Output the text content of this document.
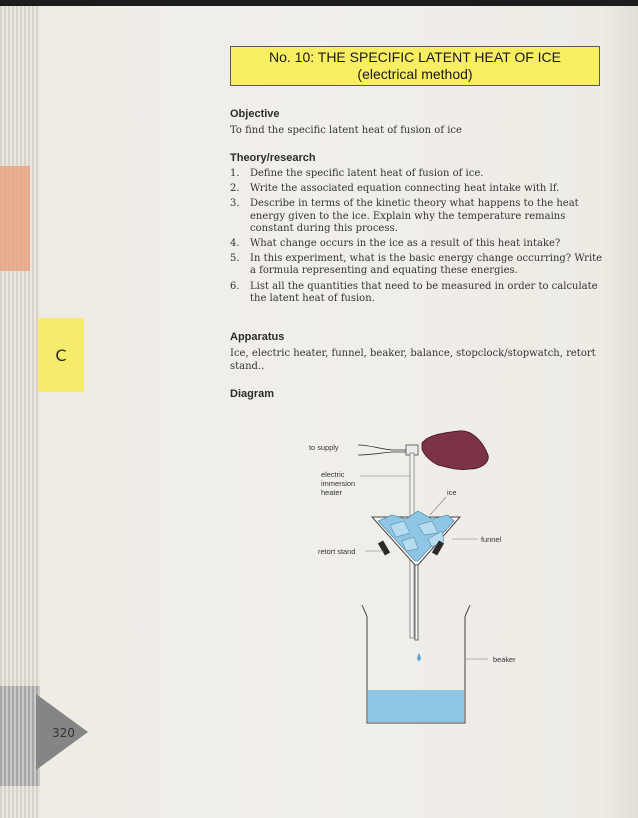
C
320
No. 10: THE SPECIFIC LATENT HEAT OF ICE
(electrical method)
Objective
To find the specific latent heat of fusion of ice
Theory/research
1.	Define the specific latent heat of fusion of ice.
2.	Write the associated equation connecting heat intake with lf.
3.	Describe in terms of the kinetic theory what happens to the heat energy given to the ice. Explain why the temperature remains constant during this process.
4.	What change occurs in the ice as a result of this heat intake?
5.	In this experiment, what is the basic energy change occurring? Write a formula representing and equating these energies.
6.	List all the quantities that need to be measured in order to calculate the latent heat of fusion.
Apparatus
Ice, electric heater, funnel, beaker, balance, stopclock/stopwatch, retort stand..
Diagram
to supply
electric
immersion
heater	ice
funnel
retort stand
beaker
